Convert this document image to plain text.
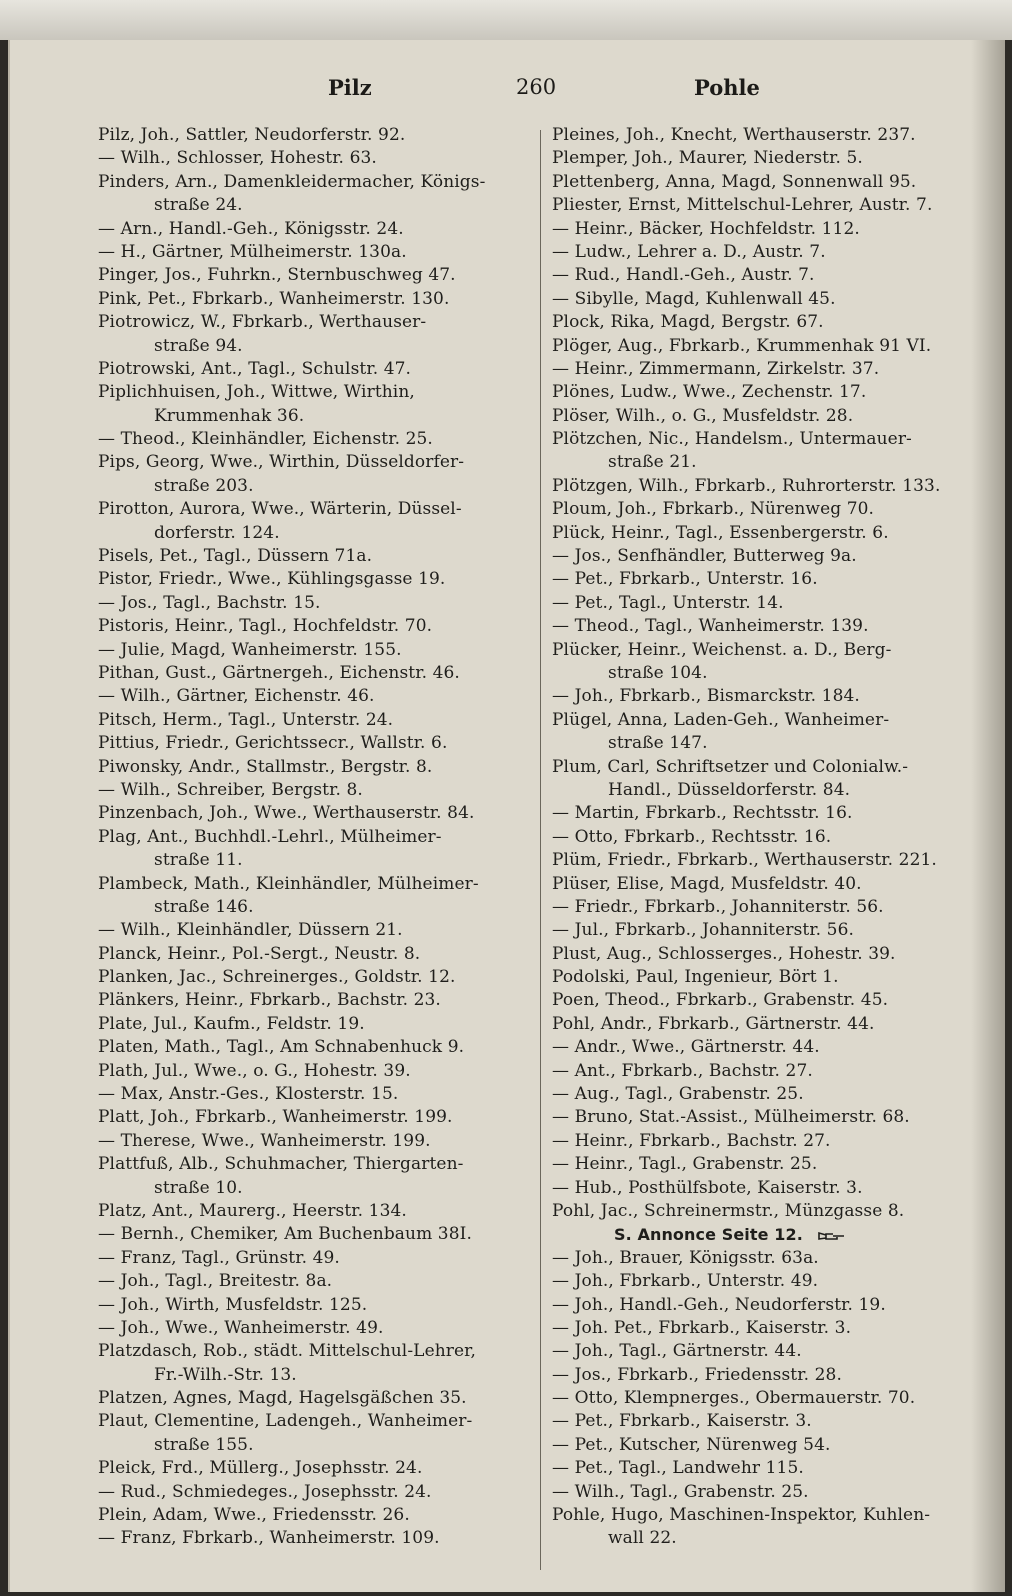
Pilz	260	Pohle
Pilz, Joh., Sattler, Neudorferstr. 92.
— Wilh., Schlosser, Hohestr. 63.
Pinders, Arn., Damenkleidermacher, Königs-
straße 24.
— Arn., Handl.-Geh., Königsstr. 24.
— H., Gärtner, Mülheimerstr. 130a.
Pinger, Jos., Fuhrkn., Sternbuschweg 47.
Pink, Pet., Fbrkarb., Wanheimerstr. 130.
Piotrowicz, W., Fbrkarb., Werthauser-
straße 94.
Piotrowski, Ant., Tagl., Schulstr. 47.
Piplichhuisen, Joh., Wittwe, Wirthin,
Krummenhak 36.
— Theod., Kleinhändler, Eichenstr. 25.
Pips, Georg, Wwe., Wirthin, Düsseldorfer-
straße 203.
Pirotton, Aurora, Wwe., Wärterin, Düssel-
dorferstr. 124.
Pisels, Pet., Tagl., Düssern 71a.
Pistor, Friedr., Wwe., Kühlingsgasse 19.
— Jos., Tagl., Bachstr. 15.
Pistoris, Heinr., Tagl., Hochfeldstr. 70.
— Julie, Magd, Wanheimerstr. 155.
Pithan, Gust., Gärtnergeh., Eichenstr. 46.
— Wilh., Gärtner, Eichenstr. 46.
Pitsch, Herm., Tagl., Unterstr. 24.
Pittius, Friedr., Gerichtssecr., Wallstr. 6.
Piwonsky, Andr., Stallmstr., Bergstr. 8.
— Wilh., Schreiber, Bergstr. 8.
Pinzenbach, Joh., Wwe., Werthauserstr. 84.
Plag, Ant., Buchhdl.-Lehrl., Mülheimer-
straße 11.
Plambeck, Math., Kleinhändler, Mülheimer-
straße 146.
— Wilh., Kleinhändler, Düssern 21.
Planck, Heinr., Pol.-Sergt., Neustr. 8.
Planken, Jac., Schreinerges., Goldstr. 12.
Plänkers, Heinr., Fbrkarb., Bachstr. 23.
Plate, Jul., Kaufm., Feldstr. 19.
Platen, Math., Tagl., Am Schnabenhuck 9.
Plath, Jul., Wwe., o. G., Hohestr. 39.
— Max, Anstr.-Ges., Klosterstr. 15.
Platt, Joh., Fbrkarb., Wanheimerstr. 199.
— Therese, Wwe., Wanheimerstr. 199.
Plattfuß, Alb., Schuhmacher, Thiergarten-
straße 10.
Platz, Ant., Maurerg., Heerstr. 134.
— Bernh., Chemiker, Am Buchenbaum 38I.
— Franz, Tagl., Grünstr. 49.
— Joh., Tagl., Breitestr. 8a.
— Joh., Wirth, Musfeldstr. 125.
— Joh., Wwe., Wanheimerstr. 49.
Platzdasch, Rob., städt. Mittelschul-Lehrer,
Fr.-Wilh.-Str. 13.
Platzen, Agnes, Magd, Hagelsgäßchen 35.
Plaut, Clementine, Ladengeh., Wanheimer-
straße 155.
Pleick, Frd., Müllerg., Josephsstr. 24.
— Rud., Schmiedeges., Josephsstr. 24.
Plein, Adam, Wwe., Friedensstr. 26.
— Franz, Fbrkarb., Wanheimerstr. 109.
Pleines, Joh., Knecht, Werthauserstr. 237.
Plemper, Joh., Maurer, Niederstr. 5.
Plettenberg, Anna, Magd, Sonnenwall 95.
Pliester, Ernst, Mittelschul-Lehrer, Austr. 7.
— Heinr., Bäcker, Hochfeldstr. 112.
— Ludw., Lehrer a. D., Austr. 7.
— Rud., Handl.-Geh., Austr. 7.
— Sibylle, Magd, Kuhlenwall 45.
Plock, Rika, Magd, Bergstr. 67.
Plöger, Aug., Fbrkarb., Krummenhak 91 VI.
— Heinr., Zimmermann, Zirkelstr. 37.
Plönes, Ludw., Wwe., Zechenstr. 17.
Plöser, Wilh., o. G., Musfeldstr. 28.
Plötzchen, Nic., Handelsm., Untermauer-
straße 21.
Plötzgen, Wilh., Fbrkarb., Ruhrorterstr. 133.
Ploum, Joh., Fbrkarb., Nürenweg 70.
Plück, Heinr., Tagl., Essenbergerstr. 6.
— Jos., Senfhändler, Butterweg 9a.
— Pet., Fbrkarb., Unterstr. 16.
— Pet., Tagl., Unterstr. 14.
— Theod., Tagl., Wanheimerstr. 139.
Plücker, Heinr., Weichenst. a. D., Berg-
straße 104.
— Joh., Fbrkarb., Bismarckstr. 184.
Plügel, Anna, Laden-Geh., Wanheimer-
straße 147.
Plum, Carl, Schriftsetzer und Colonialw.-
Handl., Düsseldorferstr. 84.
— Martin, Fbrkarb., Rechtsstr. 16.
— Otto, Fbrkarb., Rechtsstr. 16.
Plüm, Friedr., Fbrkarb., Werthauserstr. 221.
Plüser, Elise, Magd, Musfeldstr. 40.
— Friedr., Fbrkarb., Johanniterstr. 56.
— Jul., Fbrkarb., Johanniterstr. 56.
Plust, Aug., Schlosserges., Hohestr. 39.
Podolski, Paul, Ingenieur, Bört 1.
Poen, Theod., Fbrkarb., Grabenstr. 45.
Pohl, Andr., Fbrkarb., Gärtnerstr. 44.
— Andr., Wwe., Gärtnerstr. 44.
— Ant., Fbrkarb., Bachstr. 27.
— Aug., Tagl., Grabenstr. 25.
— Bruno, Stat.-Assist., Mülheimerstr. 68.
— Heinr., Fbrkarb., Bachstr. 27.
— Heinr., Tagl., Grabenstr. 25.
— Hub., Posthülfsbote, Kaiserstr. 3.
Pohl, Jac., Schreinermstr., Münzgasse 8.
S. Annonce Seite 12.
— Joh., Brauer, Königsstr. 63a.
— Joh., Fbrkarb., Unterstr. 49.
— Joh., Handl.-Geh., Neudorferstr. 19.
— Joh. Pet., Fbrkarb., Kaiserstr. 3.
— Joh., Tagl., Gärtnerstr. 44.
— Jos., Fbrkarb., Friedensstr. 28.
— Otto, Klempnerges., Obermauerstr. 70.
— Pet., Fbrkarb., Kaiserstr. 3.
— Pet., Kutscher, Nürenweg 54.
— Pet., Tagl., Landwehr 115.
— Wilh., Tagl., Grabenstr. 25.
Pohle, Hugo, Maschinen-Inspektor, Kuhlen-
wall 22.
